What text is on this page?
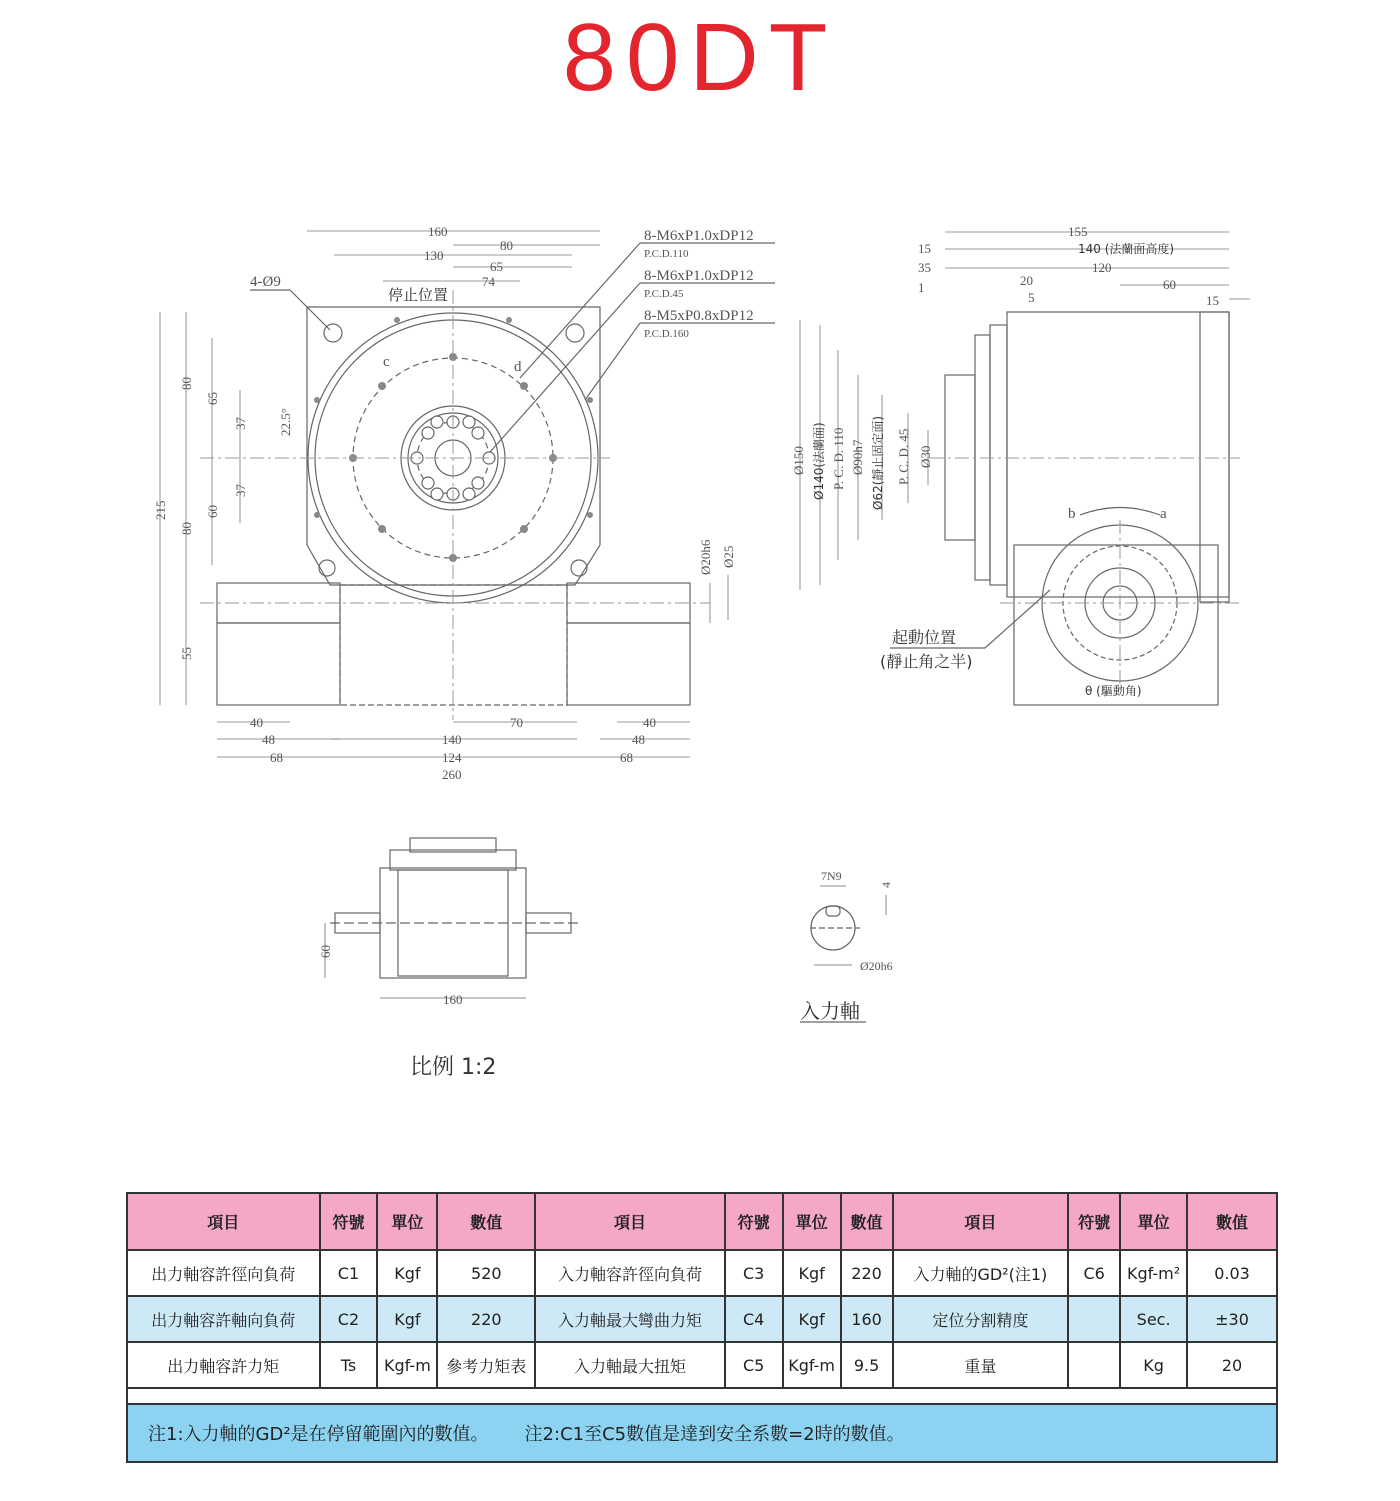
80DT
160
130
80
65
74
8-M6xP1.0xDP12
P.C.D.110
8-M6xP1.0xDP12
P.C.D.45
8-M5xP0.8xDP12
P.C.D.160
4-Ø9
停止位置
c	d
22.5°
215
80
80
55
65
60
37
37
40
48
68
140
124
260
70	40
48
68
Ø20h6 Ø25
155
140 (法蘭面高度)
120
60
15
15
35
20
5
1
Ø150 Ø140(法蘭面) P. C. D. 110 Ø90h7 Ø62(靜止固定面) P. C. D. 45 Ø30
b	a
起動位置
(靜止角之半)
θ (驅動角)
60
160
7N9
4
Ø20h6
入力軸
比例 1:2
項目	符號	單位	數值	項目	符號	單位	數值	項目	符號	單位	數值
出力軸容許徑向負荷	C1	Kgf	520	入力軸容許徑向負荷	C3	Kgf	220	入力軸的GD²(注1)	C6	Kgf-m²	0.03
出力軸容許軸向負荷	C2	Kgf	220	入力軸最大彎曲力矩	C4	Kgf	160	定位分割精度		Sec.	±30
出力軸容許力矩	Ts	Kgf-m	參考力矩表	入力軸最大扭矩	C5	Kgf-m	9.5	重量		Kg	20

注1:入力軸的GD²是在停留範圍內的數值。 注2:C1至C5數值是達到安全系數=2時的數值。											
